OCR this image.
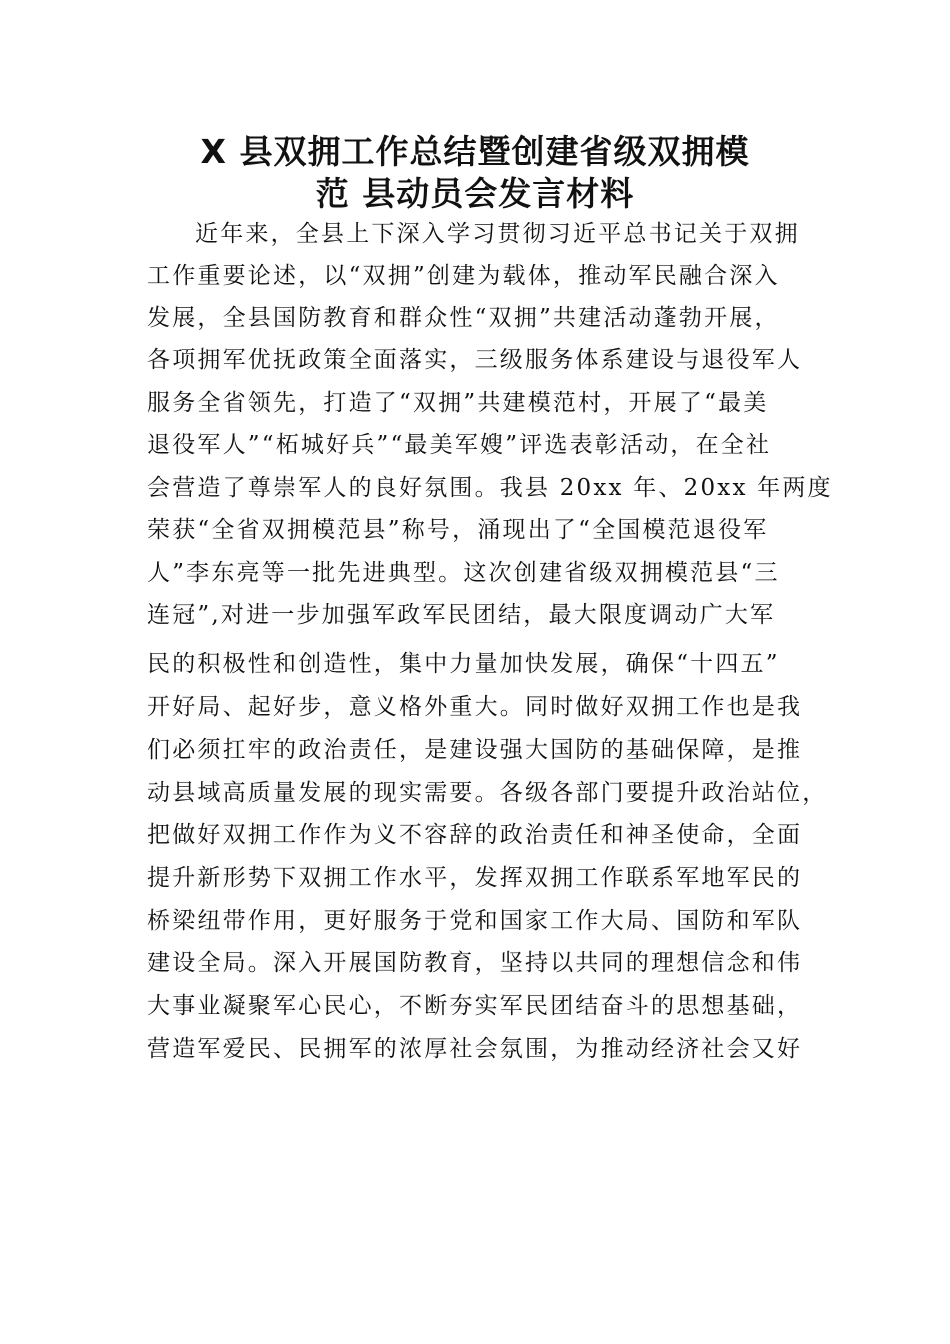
X 县双拥工作总结暨创建省级双拥模
范 县动员会发言材料

近年来，全县上下深入学习贯彻习近平总书记关于双拥

工作重要论述，以“双拥”创建为载体，推动军民融合深入

发展，全县国防教育和群众性“双拥”共建活动蓬勃开展，

各项拥军优抚政策全面落实，三级服务体系建设与退役军人

服务全省领先，打造了“双拥”共建模范村，开展了“最美

退役军人”“柘城好兵”“最美军嫂”评选表彰活动，在全社

会营造了尊崇军人的良好氛围。我县 20xx 年、20xx 年两度

荣获“全省双拥模范县”称号，涌现出了“全国模范退役军

人”李东亮等一批先进典型。这次创建省级双拥模范县“三

连冠”,对进一步加强军政军民团结，最大限度调动广大军

民的积极性和创造性，集中力量加快发展，确保“十四五”

开好局、起好步，意义格外重大。同时做好双拥工作也是我

们必须扛牢的政治责任，是建设强大国防的基础保障，是推

动县域高质量发展的现实需要。各级各部门要提升政治站位，

把做好双拥工作作为义不容辞的政治责任和神圣使命，全面

提升新形势下双拥工作水平，发挥双拥工作联系军地军民的

桥梁纽带作用，更好服务于党和国家工作大局、国防和军队

建设全局。深入开展国防教育，坚持以共同的理想信念和伟

大事业凝聚军心民心，不断夯实军民团结奋斗的思想基础，

营造军爱民、民拥军的浓厚社会氛围，为推动经济社会又好
